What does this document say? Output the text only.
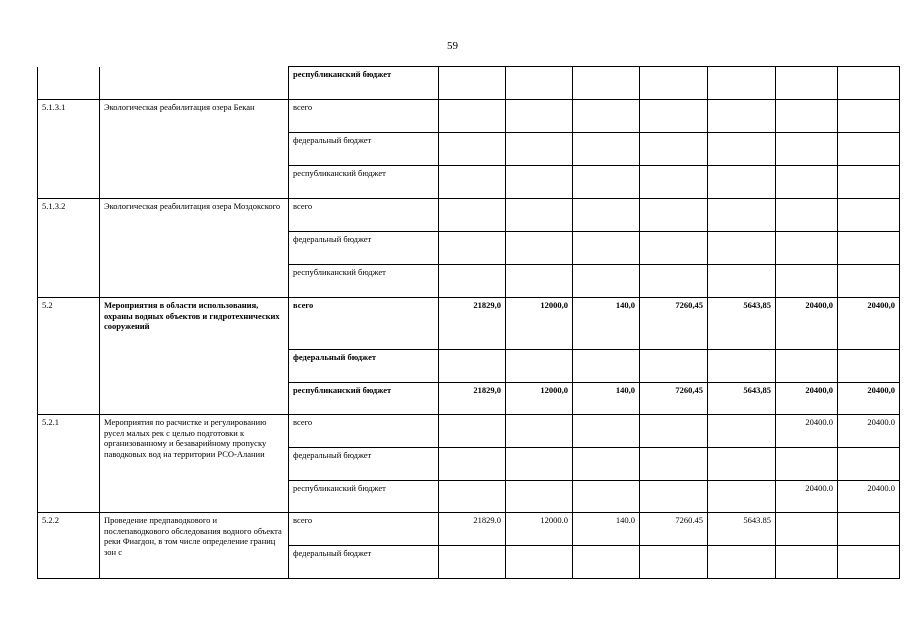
59
		республиканский бюджет							
5.1.3.1	Экологическая реабилитация озера Бекан	всего							
		федеральный бюджет							
		республиканский бюджет							
5.1.3.2	Экологическая реабилитация озера Моздокского	всего							
		федеральный бюджет							
		республиканский бюджет							
5.2	Мероприятия в области использования, охраны водных объектов и гидротехнических сооружений	всего	21829,0	12000,0	140,0	7260,45	5643,85	20400,0	20400,0
		федеральный бюджет							
		республиканский бюджет	21829,0	12000,0	140,0	7260,45	5643,85	20400,0	20400,0
5.2.1	Мероприятия по расчистке и регулированию русел малых рек с целью подготовки к организованному и безаварийному пропуску паводковых вод на территории РСО-Алании	всего						20400.0	20400.0
		федеральный бюджет							
		республиканский бюджет						20400.0	20400.0
5.2.2	Проведение предпаводкового и послепаводкового обследования водного объекта реки Фиагдон, в том числе определение границ зон с	всего	21829.0	12000.0	140.0	7260.45	5643.85		
		федеральный бюджет							
